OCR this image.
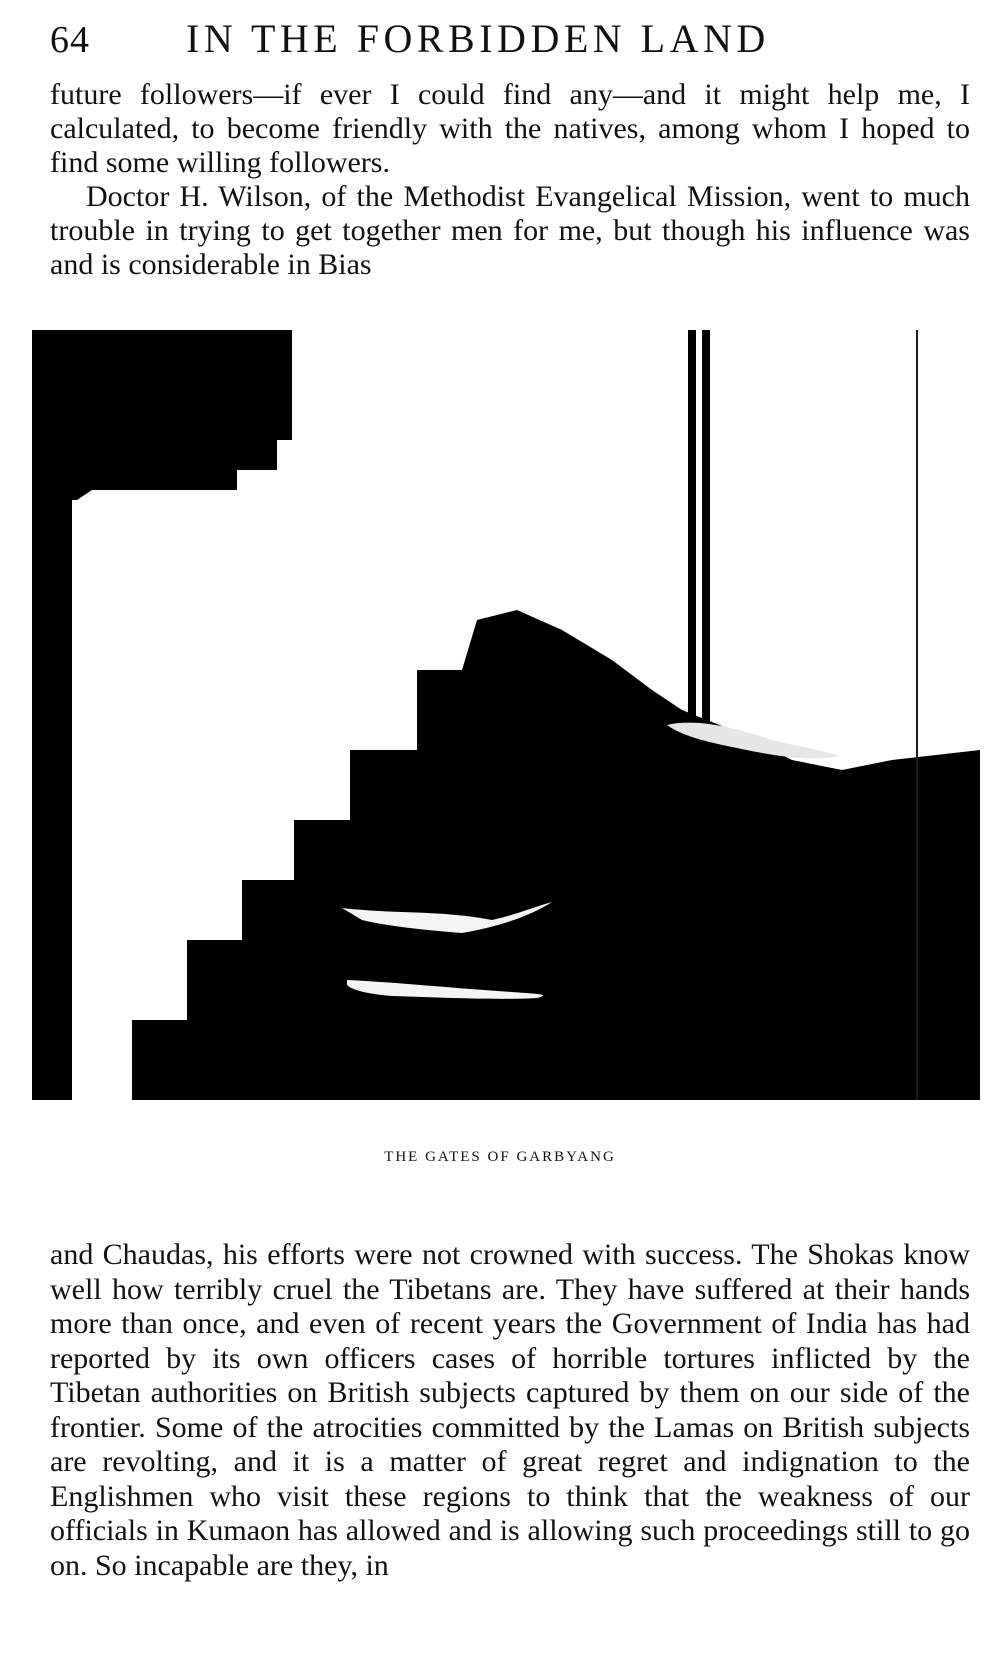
64 IN THE FORBIDDEN LAND

future followers—if ever I could find any—and it might help me, I calculated, to become friendly with the natives, among whom I hoped to find some willing followers.

Doctor H. Wilson, of the Methodist Evangelical Mission, went to much trouble in trying to get together men for me, but though his influence was and is considerable in Bias

THE GATES OF GARBYANG

and Chaudas, his efforts were not crowned with success. The Shokas know well how terribly cruel the Tibetans are. They have suffered at their hands more than once, and even of recent years the Government of India has had reported by its own officers cases of horrible tortures inflicted by the Tibetan authorities on British subjects captured by them on our side of the frontier. Some of the atrocities committed by the Lamas on British subjects are revolting, and it is a matter of great regret and indignation to the Englishmen who visit these regions to think that the weakness of our officials in Kumaon has allowed and is allowing such proceedings still to go on. So incapable are they, in
